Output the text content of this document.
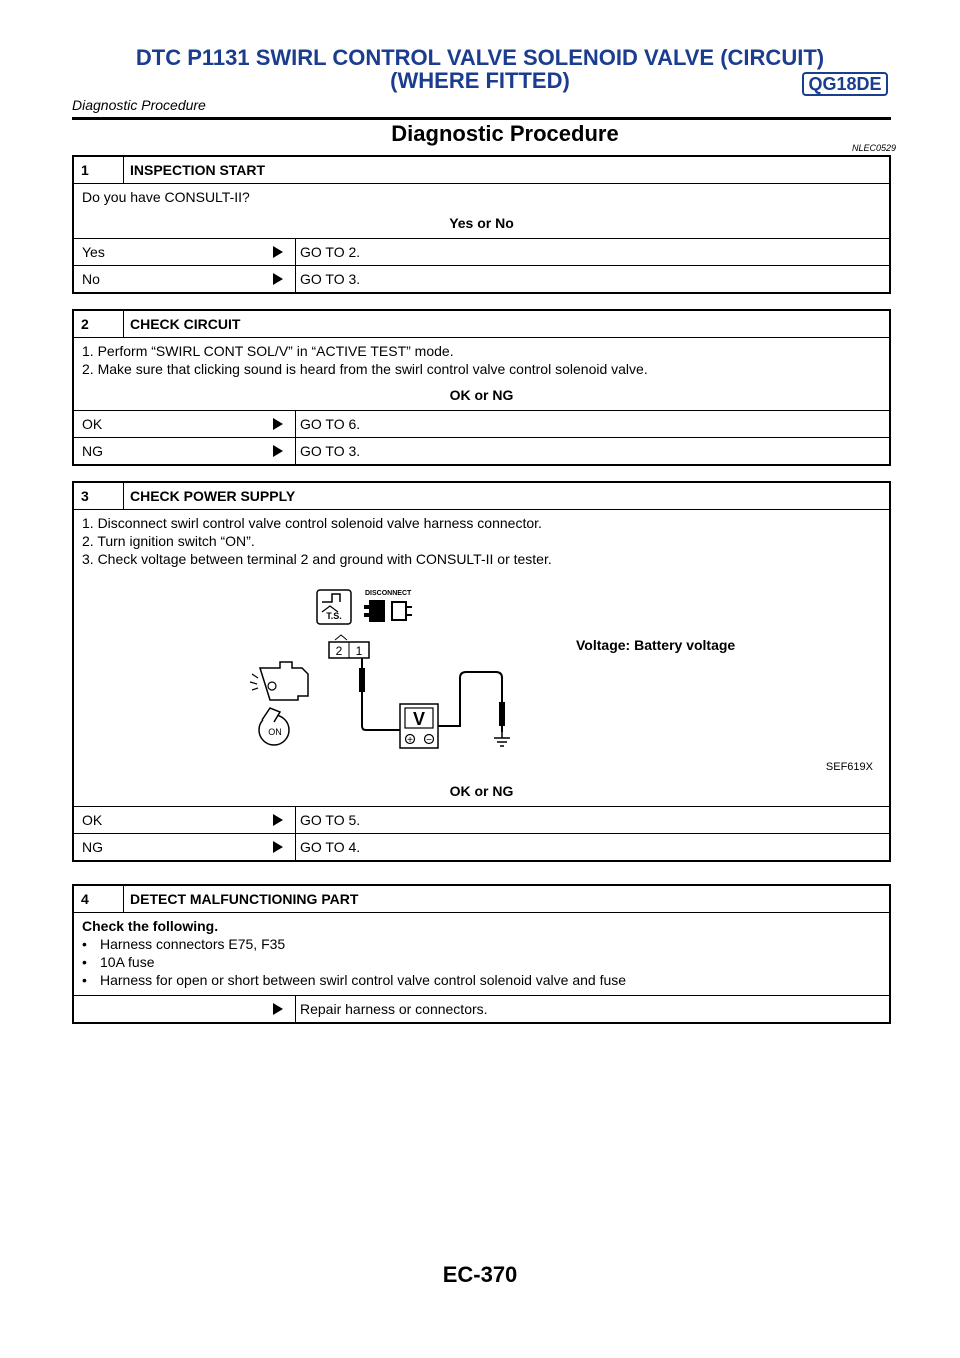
DTC P1131 SWIRL CONTROL VALVE SOLENOID VALVE (CIRCUIT)
(WHERE FITTED)	QG18DE
Diagnostic Procedure
Diagnostic Procedure
NLEC0529
1	INSPECTION START
Do you have CONSULT-II?
Yes or No
Yes	GO TO 2.
No	GO TO 3.
2	CHECK CIRCUIT
1. Perform “SWIRL CONT SOL/V” in “ACTIVE TEST” mode.
2. Make sure that clicking sound is heard from the swirl control valve control solenoid valve.
OK or NG
OK	GO TO 6.
NG	GO TO 3.
3	CHECK POWER SUPPLY
1. Disconnect swirl control valve control solenoid valve harness connector.
2. Turn ignition switch “ON”.
3. Check voltage between terminal 2 and ground with CONSULT-II or tester.
T.S.
DISCONNECT
2 1
V
+ −
ON
Voltage: Battery voltage
SEF619X
OK or NG
OK	GO TO 5.
NG	GO TO 4.
4	DETECT MALFUNCTIONING PART
Check the following.
• Harness connectors E75, F35
• 10A fuse
• Harness for open or short between swirl control valve control solenoid valve and fuse
Repair harness or connectors.
EC-370
